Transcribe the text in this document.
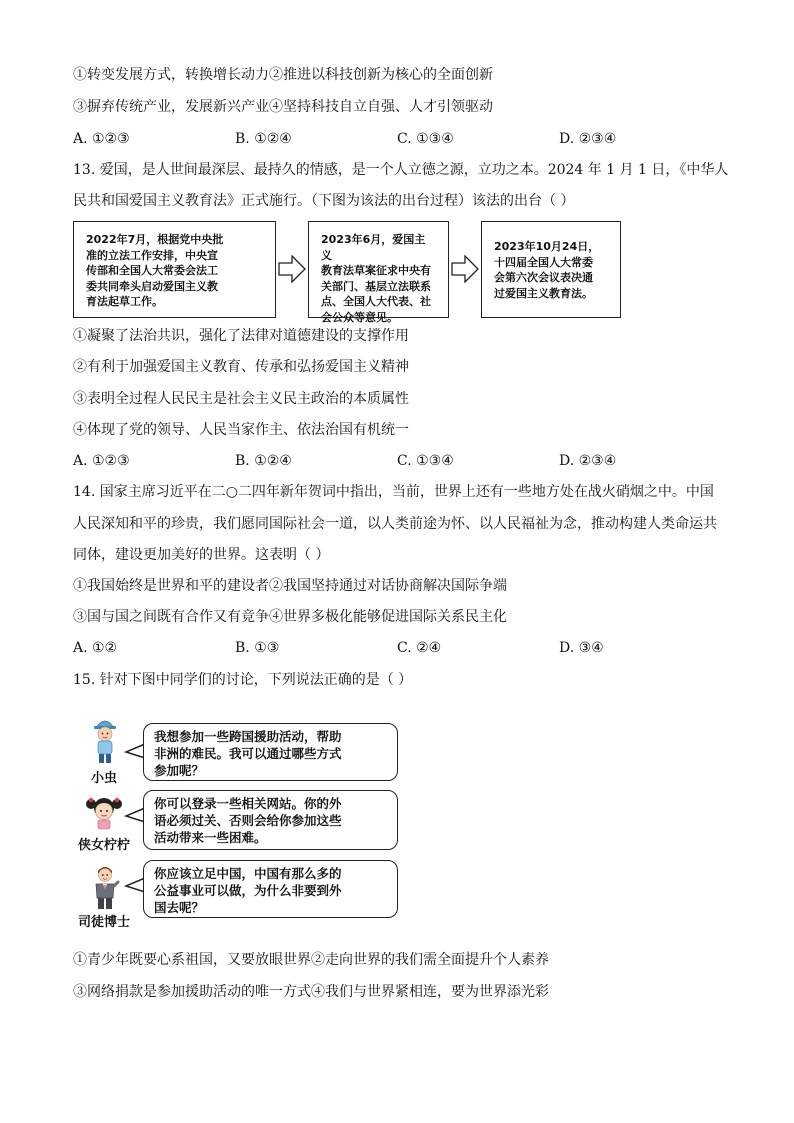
①转变发展方式，转换增长动力②推进以科技创新为核心的全面创新
③摒弃传统产业，发展新兴产业④坚持科技自立自强、人才引领驱动
A. ①②③	B. ①②④	C. ①③④	D. ②③④
13. 爱国，是人世间最深层、最持久的情感，是一个人立德之源，立功之本。2024 年 1 月 1 日，《中华人
民共和国爱国主义教育法》正式施行。（下图为该法的出台过程）该法的出台（ ）
2022年7月，根据党中央批
准的立法工作安排，中央宣
传部和全国人大常委会法工
委共同牵头启动爱国主义教
育法起草工作。
2023年6月，爱国主义
教育法草案征求中央有
关部门、基层立法联系
点、全国人大代表、社
会公众等意见。
2023年10月24日，
十四届全国人大常委
会第六次会议表决通
过爱国主义教育法。
①凝聚了法治共识，强化了法律对道德建设的支撑作用
②有利于加强爱国主义教育、传承和弘扬爱国主义精神
③表明全过程人民民主是社会主义民主政治的本质属性
④体现了党的领导、人民当家作主、依法治国有机统一
A. ①②③	B. ①②④	C. ①③④	D. ②③④
14. 国家主席习近平在二○二四年新年贺词中指出，当前，世界上还有一些地方处在战火硝烟之中。中国
人民深知和平的珍贵，我们愿同国际社会一道，以人类前途为怀、以人民福祉为念，推动构建人类命运共
同体，建设更加美好的世界。这表明（ ）
①我国始终是世界和平的建设者②我国坚持通过对话协商解决国际争端
③国与国之间既有合作又有竞争④世界多极化能够促进国际关系民主化
A. ①②	B. ①③	C. ②④	D. ③④
15. 针对下图中同学们的讨论，下列说法正确的是（ ）
小虫
我想参加一些跨国援助活动，帮助
非洲的难民。我可以通过哪些方式
参加呢？
侠女柠柠
你可以登录一些相关网站。你的外
语必须过关、否则会给你参加这些
活动带来一些困难。
司徒博士
你应该立足中国，中国有那么多的
公益事业可以做，为什么非要到外
国去呢？
①青少年既要心系祖国，又要放眼世界②走向世界的我们需全面提升个人素养
③网络捐款是参加援助活动的唯一方式④我们与世界紧相连，要为世界添光彩
